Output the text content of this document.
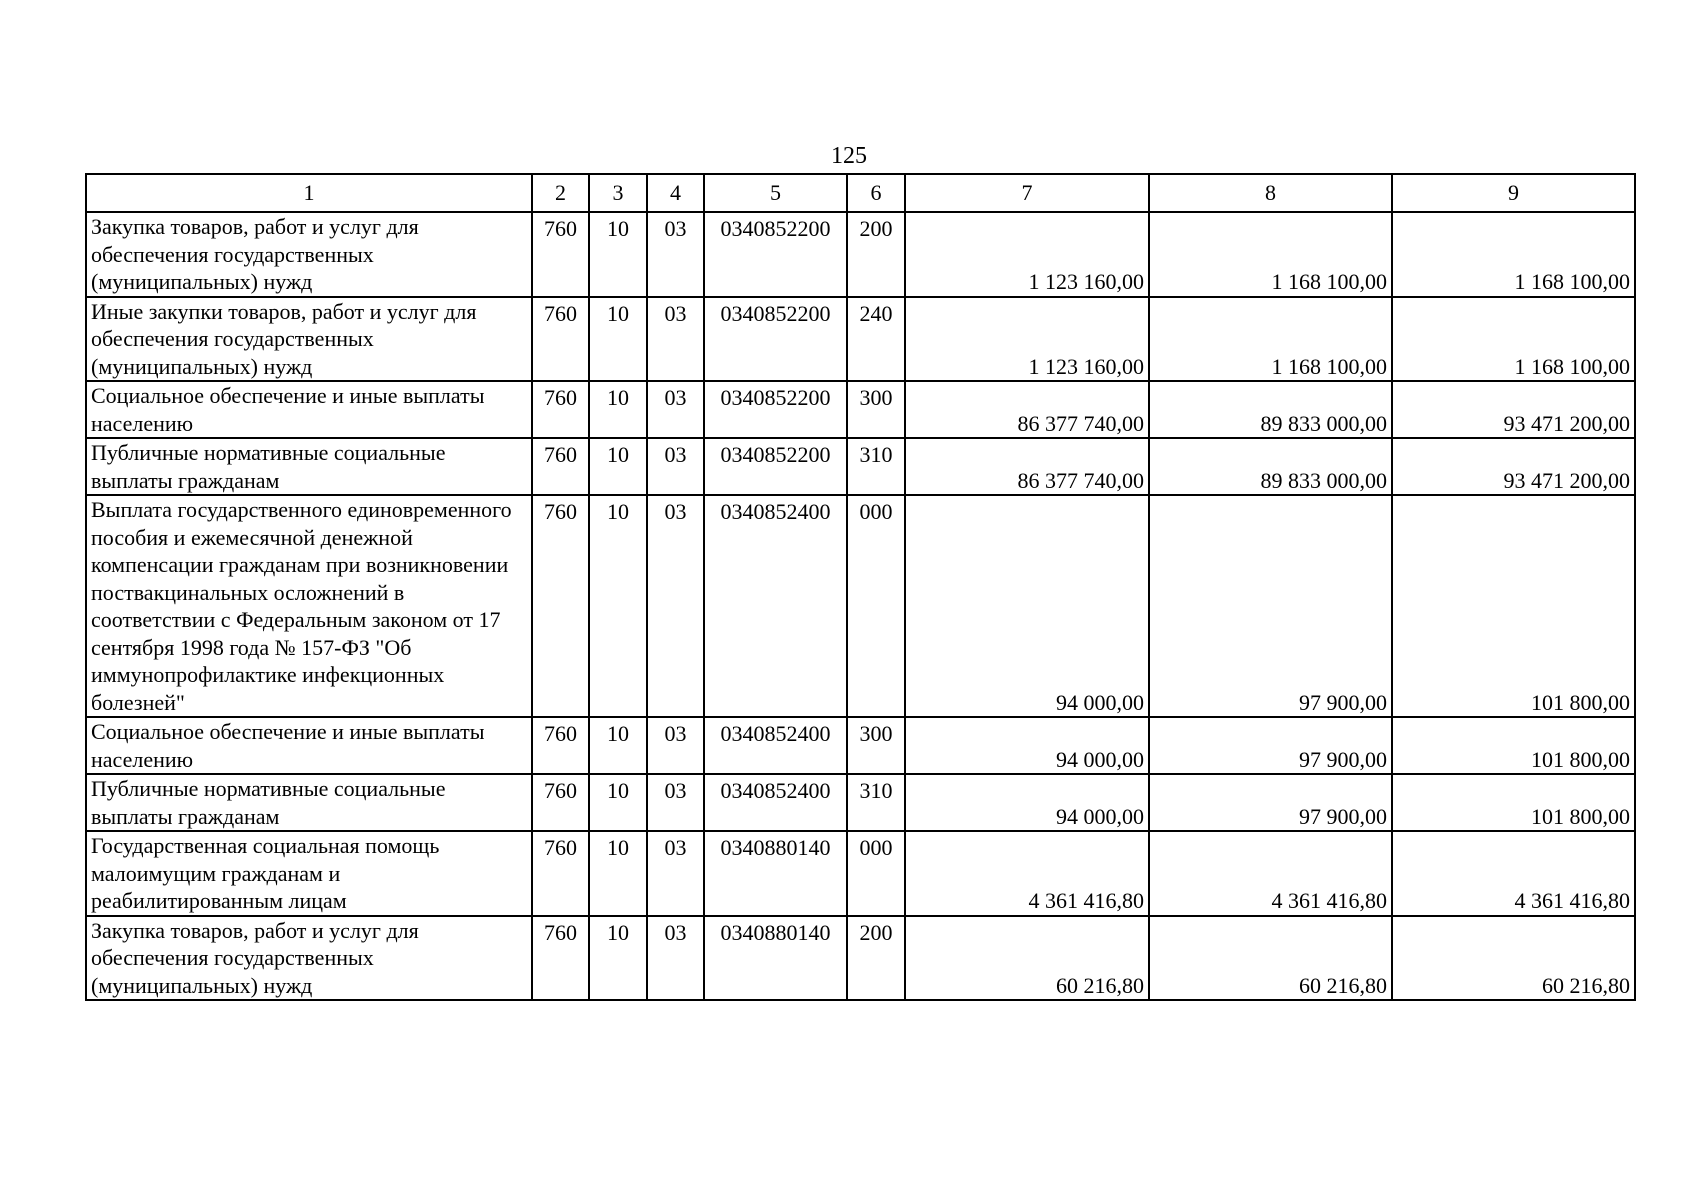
125
1	2	3	4	5	6	7	8	9
Закупка товаров, работ и услуг для обеспечения государственных (муниципальных) нужд	760	10	03	0340852200	200	1 123 160,00	1 168 100,00	1 168 100,00
Иные закупки товаров, работ и услуг для обеспечения государственных (муниципальных) нужд	760	10	03	0340852200	240	1 123 160,00	1 168 100,00	1 168 100,00
Социальное обеспечение и иные выплаты населению	760	10	03	0340852200	300	86 377 740,00	89 833 000,00	93 471 200,00
Публичные нормативные социальные выплаты гражданам	760	10	03	0340852200	310	86 377 740,00	89 833 000,00	93 471 200,00
Выплата государственного единовременного пособия и ежемесячной денежной компенсации гражданам при возникновении поствакцинальных осложнений в соответствии с Федеральным законом от 17 сентября 1998 года № 157-ФЗ "Об иммунопрофилактике инфекционных болезней"	760	10	03	0340852400	000	94 000,00	97 900,00	101 800,00
Социальное обеспечение и иные выплаты населению	760	10	03	0340852400	300	94 000,00	97 900,00	101 800,00
Публичные нормативные социальные выплаты гражданам	760	10	03	0340852400	310	94 000,00	97 900,00	101 800,00
Государственная социальная помощь малоимущим гражданам и реабилитированным лицам	760	10	03	0340880140	000	4 361 416,80	4 361 416,80	4 361 416,80
Закупка товаров, работ и услуг для обеспечения государственных (муниципальных) нужд	760	10	03	0340880140	200	60 216,80	60 216,80	60 216,80
